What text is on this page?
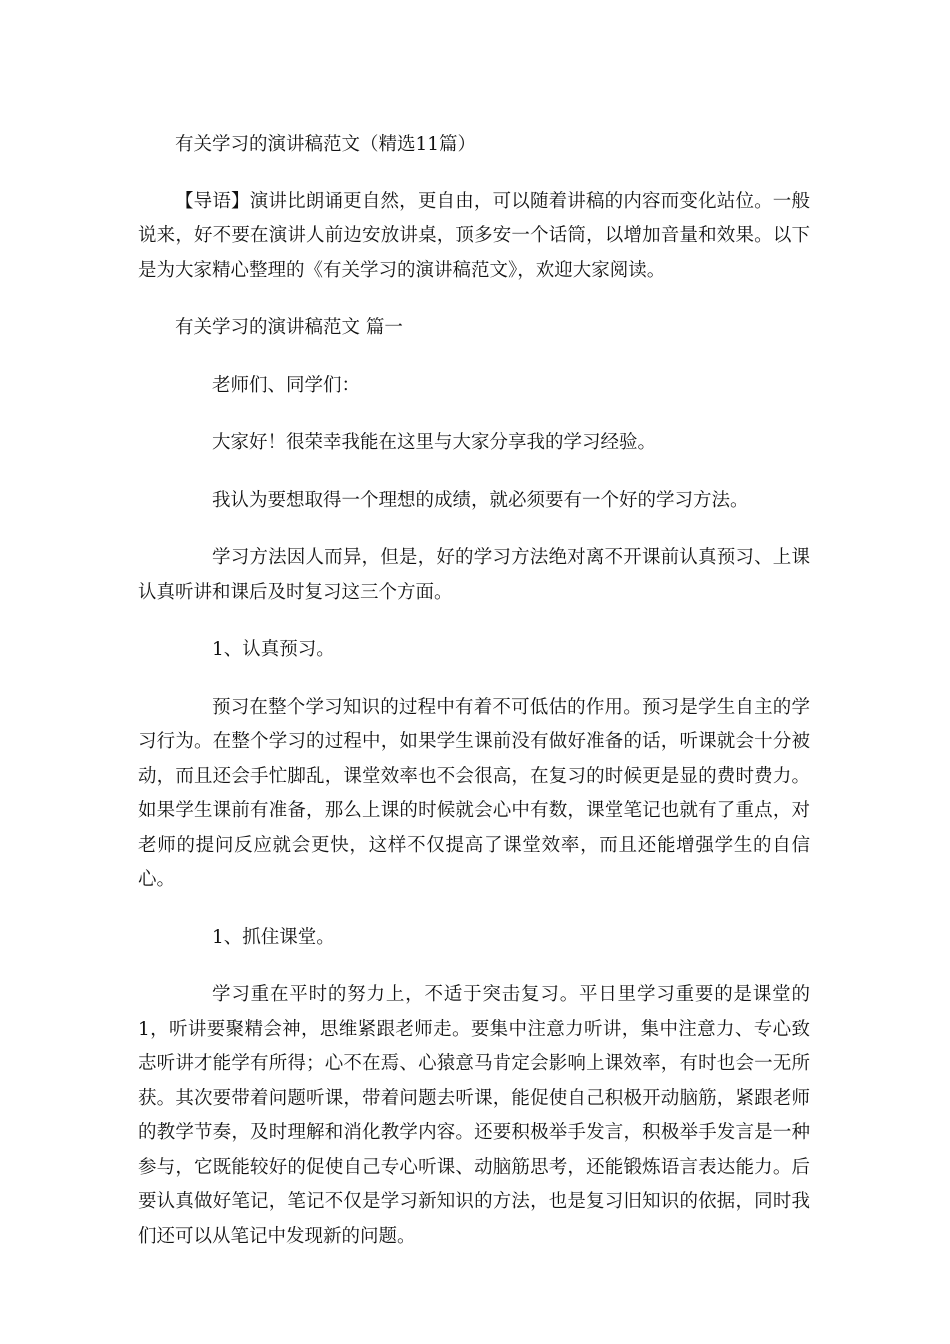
有关学习的演讲稿范文（精选11篇）

【导语】演讲比朗诵更自然，更自由，可以随着讲稿的内容而变化站位。一般说来，好不要在演讲人前边安放讲桌，顶多安一个话筒，以增加音量和效果。以下是为大家精心整理的《有关学习的演讲稿范文》，欢迎大家阅读。

有关学习的演讲稿范文 篇一

老师们、同学们：

大家好！很荣幸我能在这里与大家分享我的学习经验。

我认为要想取得一个理想的成绩，就必须要有一个好的学习方法。

学习方法因人而异，但是，好的学习方法绝对离不开课前认真预习、上课认真听讲和课后及时复习这三个方面。

1、认真预习。

预习在整个学习知识的过程中有着不可低估的作用。预习是学生自主的学习行为。在整个学习的过程中，如果学生课前没有做好准备的话，听课就会十分被动，而且还会手忙脚乱，课堂效率也不会很高，在复习的时候更是显的费时费力。如果学生课前有准备，那么上课的时候就会心中有数，课堂笔记也就有了重点，对老师的提问反应就会更快，这样不仅提高了课堂效率，而且还能增强学生的自信心。

1、抓住课堂。

学习重在平时的努力上，不适于突击复习。平日里学习重要的是课堂的1，听讲要聚精会神，思维紧跟老师走。要集中注意力听讲，集中注意力、专心致志听讲才能学有所得；心不在焉、心猿意马肯定会影响上课效率，有时也会一无所获。其次要带着问题听课，带着问题去听课，能促使自己积极开动脑筋，紧跟老师的教学节奏，及时理解和消化教学内容。还要积极举手发言，积极举手发言是一种参与，它既能较好的促使自己专心听课、动脑筋思考，还能锻炼语言表达能力。后要认真做好笔记，笔记不仅是学习新知识的方法，也是复习旧知识的依据，同时我们还可以从笔记中发现新的问题。
